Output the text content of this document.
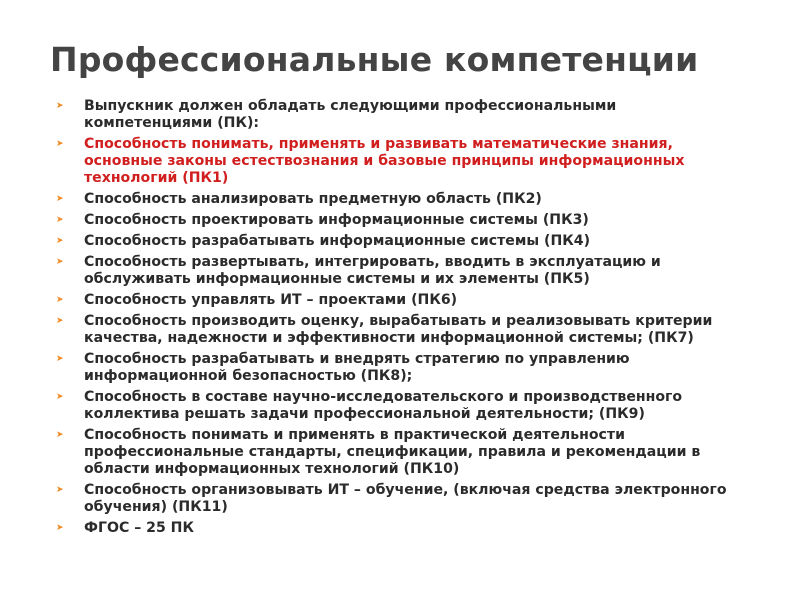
Профессиональные компетенции
➤ Выпускник должен обладать следующими профессиональными компетенциями (ПК):
➤ Способность понимать, применять и развивать математические знания, основные законы естествознания и базовые принципы информационных технологий (ПК1)
➤ Способность анализировать предметную область (ПК2)
➤ Способность проектировать информационные системы (ПК3)
➤ Способность разрабатывать информационные системы (ПК4)
➤ Способность развертывать, интегрировать, вводить в эксплуатацию и обслуживать информационные системы и их элементы (ПК5)
➤ Способность управлять ИТ – проектами (ПК6)
➤ Способность производить оценку, вырабатывать и реализовывать критерии качества, надежности и эффективности информационной системы; (ПК7)
➤ Способность разрабатывать и внедрять стратегию по управлению информационной безопасностью (ПК8);
➤ Способность в составе научно-исследовательского и производственного коллектива решать задачи профессиональной деятельности; (ПК9)
➤ Способность понимать и применять в практической деятельности профессиональные стандарты, спецификации, правила и рекомендации в области информационных технологий (ПК10)
➤ Способность организовывать ИТ – обучение, (включая средства электронного обучения) (ПК11)
➤ ФГОС – 25 ПК
